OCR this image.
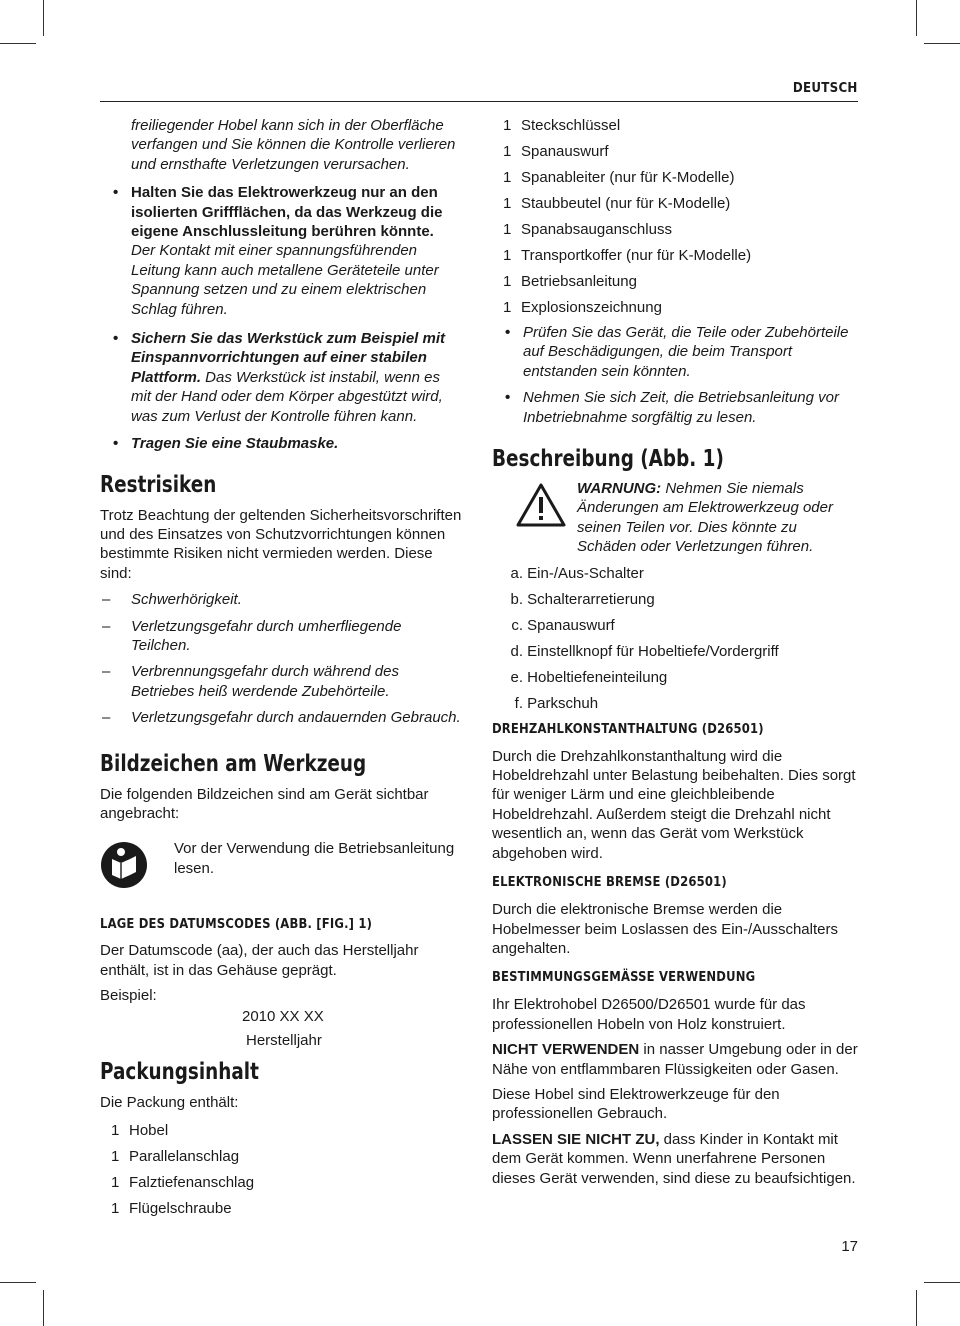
DEUTSCH

freiliegender Hobel kann sich in der Oberfläche verfangen und Sie können die Kontrolle verlieren und ernsthafte Verletzungen verursachen.

• Halten Sie das Elektrowerkzeug nur an den isolierten Griffflächen, da das Werkzeug die eigene Anschlussleitung berühren könnte. Der Kontakt mit einer spannungsführenden Leitung kann auch metallene Geräteteile unter Spannung setzen und zu einem elektrischen Schlag führen.
• Sichern Sie das Werkstück zum Beispiel mit Einspannvorrichtungen auf einer stabilen Plattform. Das Werkstück ist instabil, wenn es mit der Hand oder dem Körper abgestützt wird, was zum Verlust der Kontrolle führen kann.
• Tragen Sie eine Staubmaske.
Restrisiken

Trotz Beachtung der geltenden Sicherheitsvorschriften und des Einsatzes von Schutzvorrichtungen können bestimmte Risiken nicht vermieden werden. Diese sind:

– Schwerhörigkeit.
– Verletzungsgefahr durch umherfliegende Teilchen.
– Verbrennungsgefahr durch während des Betriebes heiß werdende Zubehörteile.
– Verletzungsgefahr durch andauernden Gebrauch.
Bildzeichen am Werkzeug

Die folgenden Bildzeichen sind am Gerät sichtbar angebracht:

Vor der Verwendung die Betriebsanleitung lesen.

LAGE DES DATUMSCODES (ABB. [FIG.] 1)

Der Datumscode (aa), der auch das Herstelljahr enthält, ist in das Gehäuse geprägt.

Beispiel:
2010 XX XX
Herstelljahr
Packungsinhalt

Die Packung enthält:

1 Hobel
1 Parallelanschlag
1 Falztiefenanschlag
1 Flügelschraube
1 Steckschlüssel
1 Spanauswurf
1 Spanableiter (nur für K-Modelle)
1 Staubbeutel (nur für K-Modelle)
1 Spanabsauganschluss
1 Transportkoffer (nur für K-Modelle)
1 Betriebsanleitung
1 Explosionszeichnung
• Prüfen Sie das Gerät, die Teile oder Zubehörteile auf Beschädigungen, die beim Transport entstanden sein könnten.
• Nehmen Sie sich Zeit, die Betriebsanleitung vor Inbetriebnahme sorgfältig zu lesen.
Beschreibung (Abb. 1)

WARNUNG: Nehmen Sie niemals Änderungen am Elektrowerkzeug oder seinen Teilen vor. Dies könnte zu Schäden oder Verletzungen führen.

a.
Ein-/Aus-Schalter
b.
Schalterarretierung
c.
Spanauswurf
d.
Einstellknopf für Hobeltiefe/Vordergriff
e.
Hobeltiefeneinteilung
f.
Parkschuh
DREHZAHLKONSTANTHALTUNG (D26501)

Durch die Drehzahlkonstanthaltung wird die Hobeldrehzahl unter Belastung beibehalten. Dies sorgt für weniger Lärm und eine gleichbleibende Hobeldrehzahl. Außerdem steigt die Drehzahl nicht wesentlich an, wenn das Gerät vom Werkstück abgehoben wird.

ELEKTRONISCHE BREMSE (D26501)

Durch die elektronische Bremse werden die Hobelmesser beim Loslassen des Ein-/Ausschalters angehalten.

BESTIMMUNGSGEMÄSSE VERWENDUNG

Ihr Elektrohobel D26500/D26501 wurde für das professionellen Hobeln von Holz konstruiert.

NICHT VERWENDEN in nasser Umgebung oder in der Nähe von entflammbaren Flüssigkeiten oder Gasen.

Diese Hobel sind Elektrowerkzeuge für den professionellen Gebrauch.

LASSEN SIE NICHT ZU, dass Kinder in Kontakt mit dem Gerät kommen. Wenn unerfahrene Personen dieses Gerät verwenden, sind diese zu beaufsichtigen.

17
